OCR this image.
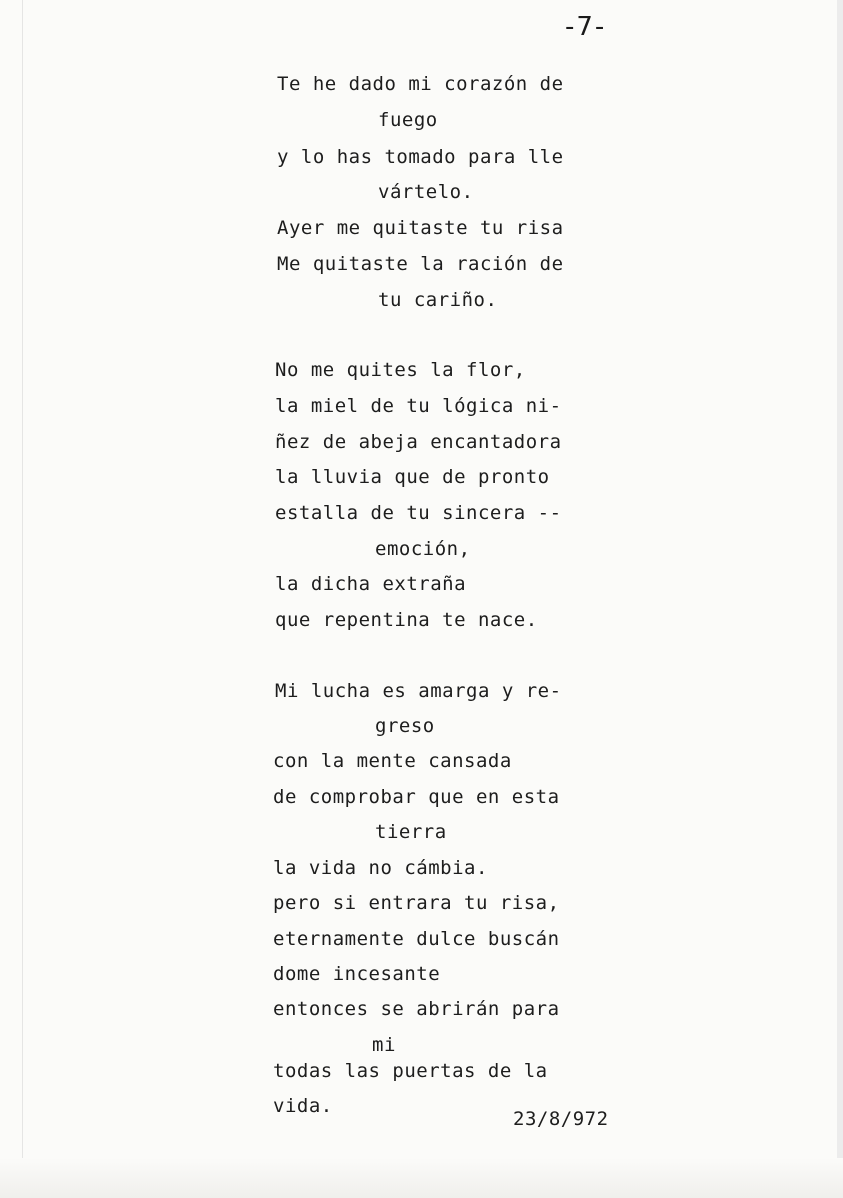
-7-
Te he dado mi corazón de
fuego
y lo has tomado para lle
vártelo.
Ayer me quitaste tu risa
Me quitaste la ración de
tu cariño.
No me quites la flor,
la miel de tu lógica ni-
ñez de abeja encantadora
la lluvia que de pronto
estalla de tu sincera --
emoción,
la dicha extraña
que repentina te nace.
Mi lucha es amarga y re-
greso
con la mente cansada
de comprobar que en esta
tierra
la vida no cámbia.
pero si entrara tu risa,
eternamente dulce buscán
dome incesante
entonces se abrirán para
mi
todas las puertas de la
vida.
23/8/972
